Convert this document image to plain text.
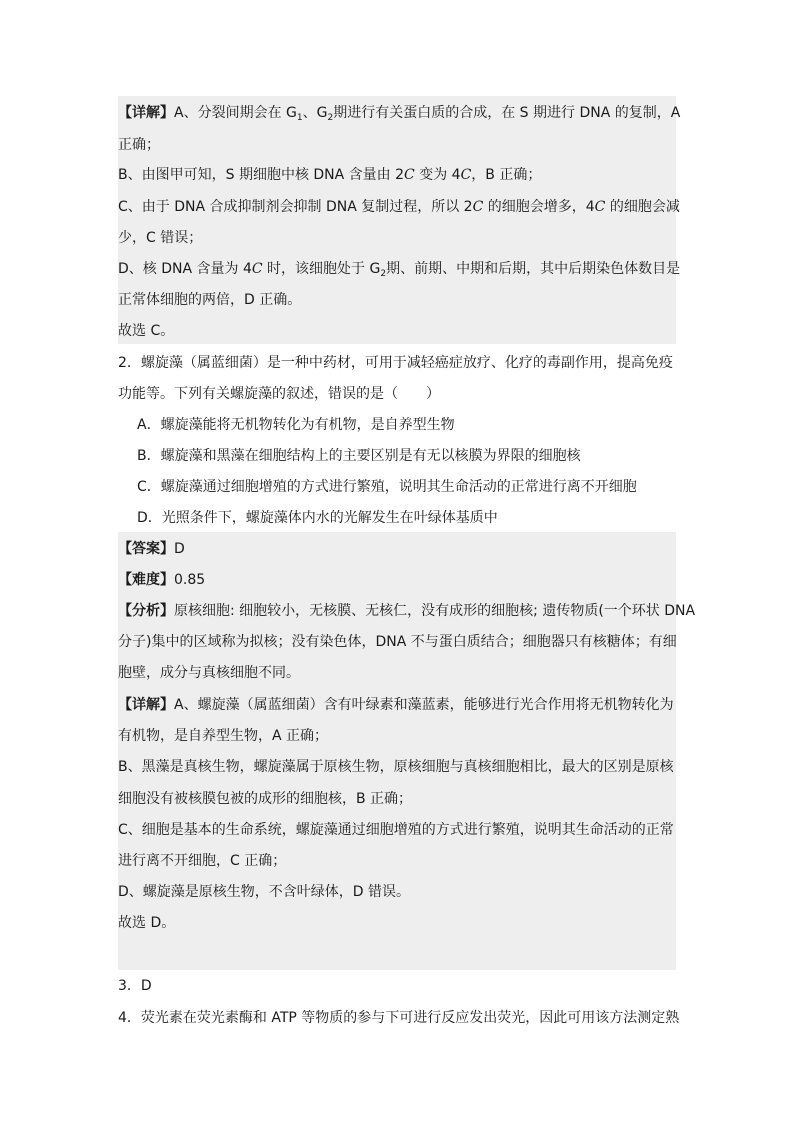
【详解】A、分裂间期会在 $G_1$、$G_2$期进行有关蛋白质的合成，在 S 期进行 DNA 的复制，A
正确；
B、由图甲可知，S 期细胞中核 DNA 含量由 2C 变为 4C，B 正确；
C、由于 DNA 合成抑制剂会抑制 DNA 复制过程，所以 2C 的细胞会增多，4C 的细胞会减
少，C 错误；
D、核 DNA 含量为 4C 时，该细胞处于 $G_2$期、前期、中期和后期，其中后期染色体数目是
正常体细胞的两倍，D 正确。
故选 C。
2．螺旋藻（属蓝细菌）是一种中药材，可用于减轻癌症放疗、化疗的毒副作用，提高免疫
功能等。下列有关螺旋藻的叙述，错误的是（　　）
A．螺旋藻能将无机物转化为有机物，是自养型生物
B．螺旋藻和黑藻在细胞结构上的主要区别是有无以核膜为界限的细胞核
C．螺旋藻通过细胞增殖的方式进行繁殖，说明其生命活动的正常进行离不开细胞
D．光照条件下，螺旋藻体内水的光解发生在叶绿体基质中
【答案】D
【难度】0.85
【分析】原核细胞: 细胞较小，无核膜、无核仁，没有成形的细胞核; 遗传物质(一个环状 DNA
分子)集中的区域称为拟核；没有染色体，DNA 不与蛋白质结合；细胞器只有核糖体；有细
胞壁，成分与真核细胞不同。
【详解】A、螺旋藻（属蓝细菌）含有叶绿素和藻蓝素，能够进行光合作用将无机物转化为
有机物，是自养型生物，A 正确；
B、黑藻是真核生物，螺旋藻属于原核生物，原核细胞与真核细胞相比，最大的区别是原核
细胞没有被核膜包被的成形的细胞核，B 正确；
C、细胞是基本的生命系统，螺旋藻通过细胞增殖的方式进行繁殖，说明其生命活动的正常
进行离不开细胞，C 正确；
D、螺旋藻是原核生物，不含叶绿体，D 错误。
故选 D。
3．D
4．荧光素在荧光素酶和 ATP 等物质的参与下可进行反应发出荧光，因此可用该方法测定熟
